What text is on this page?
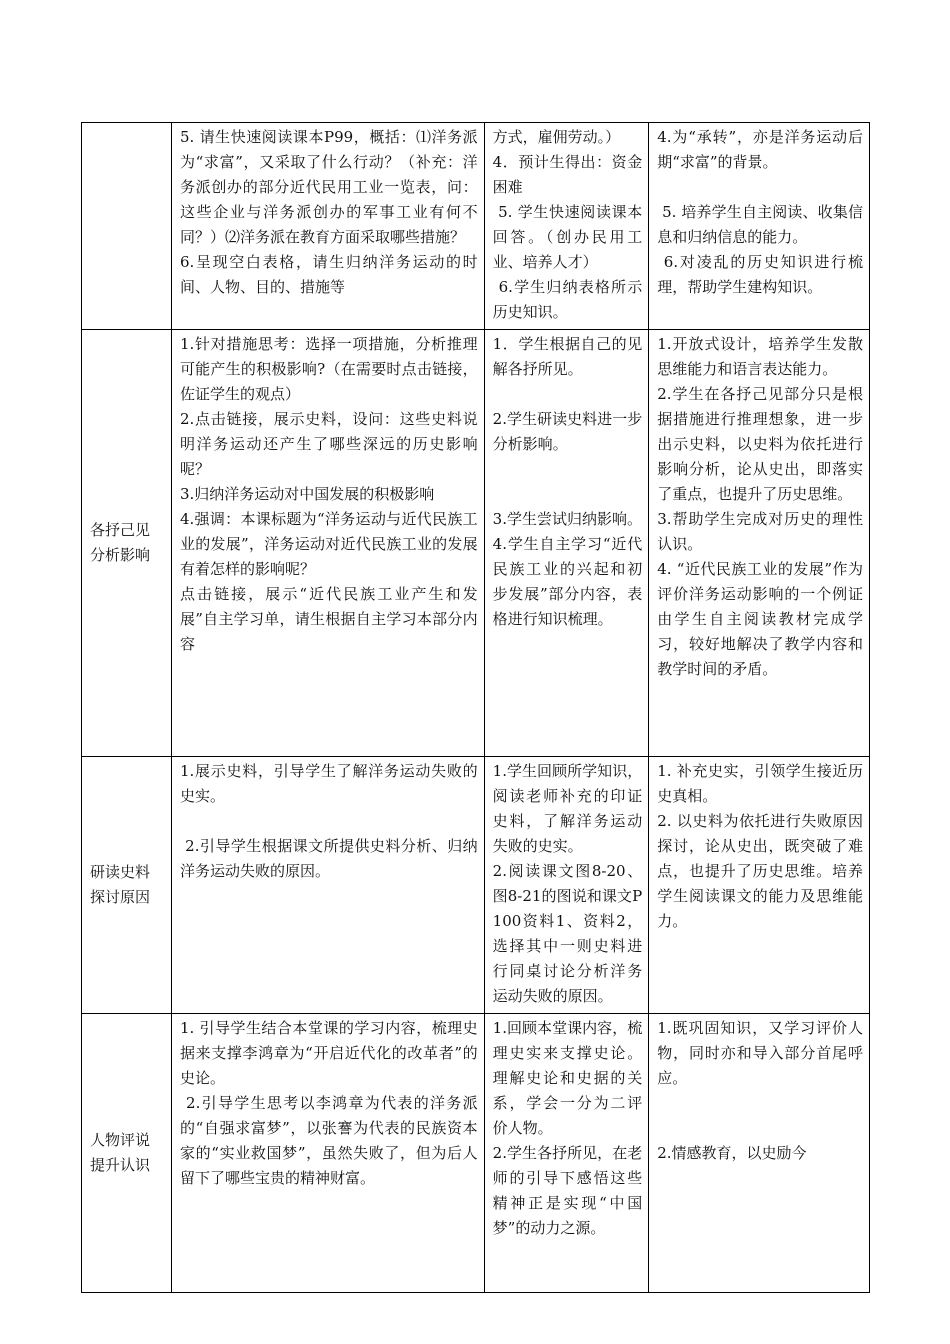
	5. 请生快速阅读课本P99，概括：⑴洋务派为“求富”，又采取了什么行动？（补充：洋务派创办的部分近代民用工业一览表，问：这些企业与洋务派创办的军事工业有何不同？）⑵洋务派在教育方面采取哪些措施？
6.呈现空白表格，请生归纳洋务运动的时间、人物、目的、措施等	方式，雇佣劳动。）
4．预计生得出：资金困难
5. 学生快速阅读课本回答。（创办民用工业、培养人才）
6.学生归纳表格所示历史知识。	4.为“承转”，亦是洋务运动后期“求富”的背景。
5. 培养学生自主阅读、收集信息和归纳信息的能力。
6.对凌乱的历史知识进行梳理，帮助学生建构知识。

各抒己见分析影响	1.针对措施思考：选择一项措施，分析推理可能产生的积极影响?（在需要时点击链接，佐证学生的观点）
2.点击链接，展示史料，设问：这些史料说明洋务运动还产生了哪些深远的历史影响呢？
3.归纳洋务运动对中国发展的积极影响
4.强调：本课标题为“洋务运动与近代民族工业的发展”，洋务运动对近代民族工业的发展有着怎样的影响呢？
点击链接，展示“近代民族工业产生和发展”自主学习单，请生根据自主学习本部分内容	1．学生根据自己的见解各抒所见。
2.学生研读史料进一步分析影响。
3.学生尝试归纳影响。
4.学生自主学习“近代民族工业的兴起和初步发展”部分内容，表格进行知识梳理。	1.开放式设计，培养学生发散思维能力和语言表达能力。
2.学生在各抒己见部分只是根据措施进行推理想象，进一步出示史料，以史料为依托进行影响分析，论从史出，即落实了重点，也提升了历史思维。
3.帮助学生完成对历史的理性认识。
4. “近代民族工业的发展”作为评价洋务运动影响的一个例证由学生自主阅读教材完成学习，较好地解决了教学内容和教学时间的矛盾。

研读史料探讨原因	1.展示史料，引导学生了解洋务运动失败的史实。
2.引导学生根据课文所提供史料分析、归纳洋务运动失败的原因。	1.学生回顾所学知识，阅读老师补充的印证史料，了解洋务运动失败的史实。
2.阅读课文图8-20、图8-21的图说和课文P100资料1、资料2，选择其中一则史料进行同桌讨论分析洋务运动失败的原因。	1. 补充史实，引领学生接近历史真相。
2. 以史料为依托进行失败原因探讨，论从史出，既突破了难点，也提升了历史思维。培养学生阅读课文的能力及思维能力。

人物评说提升认识	1. 引导学生结合本堂课的学习内容，梳理史据来支撑李鸿章为“开启近代化的改革者”的史论。
2.引导学生思考以李鸿章为代表的洋务派的“自强求富梦”，以张謇为代表的民族资本家的“实业救国梦”，虽然失败了，但为后人留下了哪些宝贵的精神财富。	1.回顾本堂课内容，梳理史实来支撑史论。理解史论和史据的关系，学会一分为二评价人物。
2.学生各抒所见，在老师的引导下感悟这些精神正是实现“中国梦”的动力之源。	1.既巩固知识，又学习评价人物，同时亦和导入部分首尾呼应。
2.情感教育，以史励今
